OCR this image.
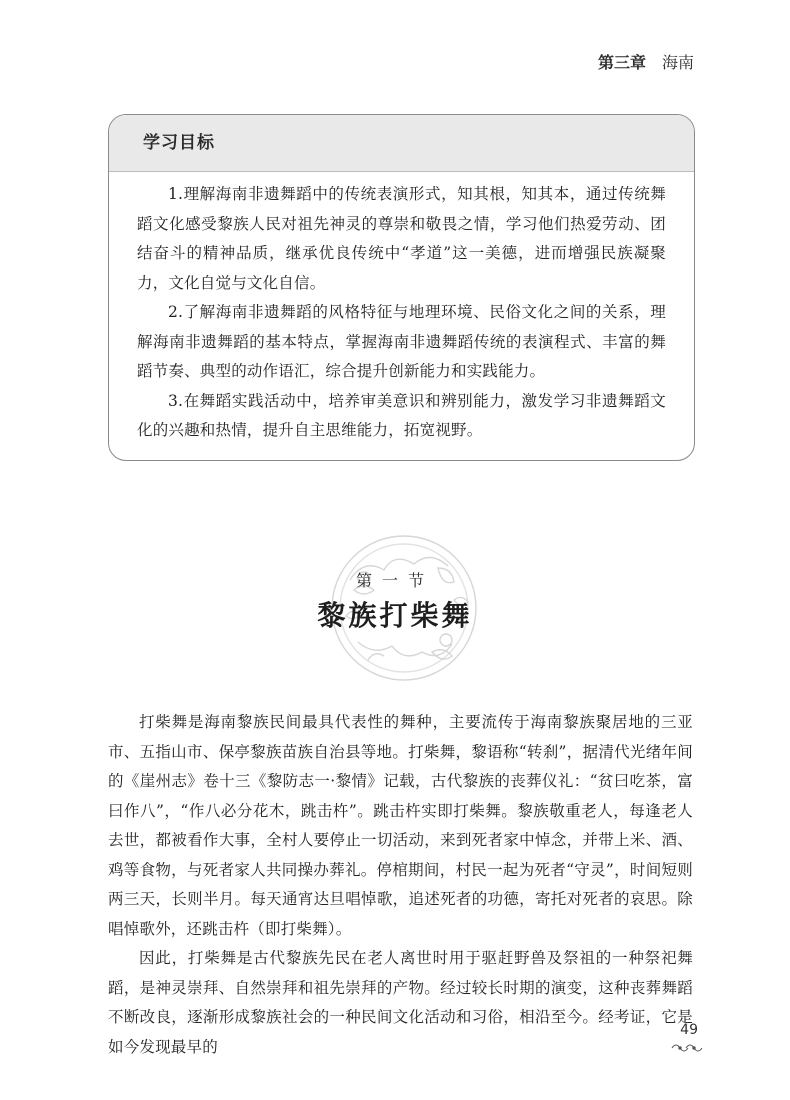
第三章 海南
学习目标

1.理解海南非遗舞蹈中的传统表演形式，知其根，知其本，通过传统舞蹈文化感受黎族人民对祖先神灵的尊崇和敬畏之情，学习他们热爱劳动、团结奋斗的精神品质，继承优良传统中“孝道”这一美德，进而增强民族凝聚力，文化自觉与文化自信。

2.了解海南非遗舞蹈的风格特征与地理环境、民俗文化之间的关系，理解海南非遗舞蹈的基本特点，掌握海南非遗舞蹈传统的表演程式、丰富的舞蹈节奏、典型的动作语汇，综合提升创新能力和实践能力。

3.在舞蹈实践活动中，培养审美意识和辨别能力，激发学习非遗舞蹈文化的兴趣和热情，提升自主思维能力，拓宽视野。

第一节
黎族打柴舞

打柴舞是海南黎族民间最具代表性的舞种，主要流传于海南黎族聚居地的三亚市、五指山市、保亭黎族苗族自治县等地。打柴舞，黎语称“转刹”，据清代光绪年间的《崖州志》卷十三《黎防志一·黎情》记载，古代黎族的丧葬仪礼：“贫曰吃茶，富曰作八”，“作八必分花木，跳击杵”。跳击杵实即打柴舞。黎族敬重老人，每逢老人去世，都被看作大事，全村人要停止一切活动，来到死者家中悼念，并带上米、酒、鸡等食物，与死者家人共同操办葬礼。停棺期间，村民一起为死者“守灵”，时间短则两三天，长则半月。每天通宵达旦唱悼歌，追述死者的功德，寄托对死者的哀思。除唱悼歌外，还跳击杵（即打柴舞）。

因此，打柴舞是古代黎族先民在老人离世时用于驱赶野兽及祭祖的一种祭祀舞蹈，是神灵崇拜、自然崇拜和祖先崇拜的产物。经过较长时期的演变，这种丧葬舞蹈不断改良，逐渐形成黎族社会的一种民间文化活动和习俗，相沿至今。经考证，它是如今发现最早的

49
